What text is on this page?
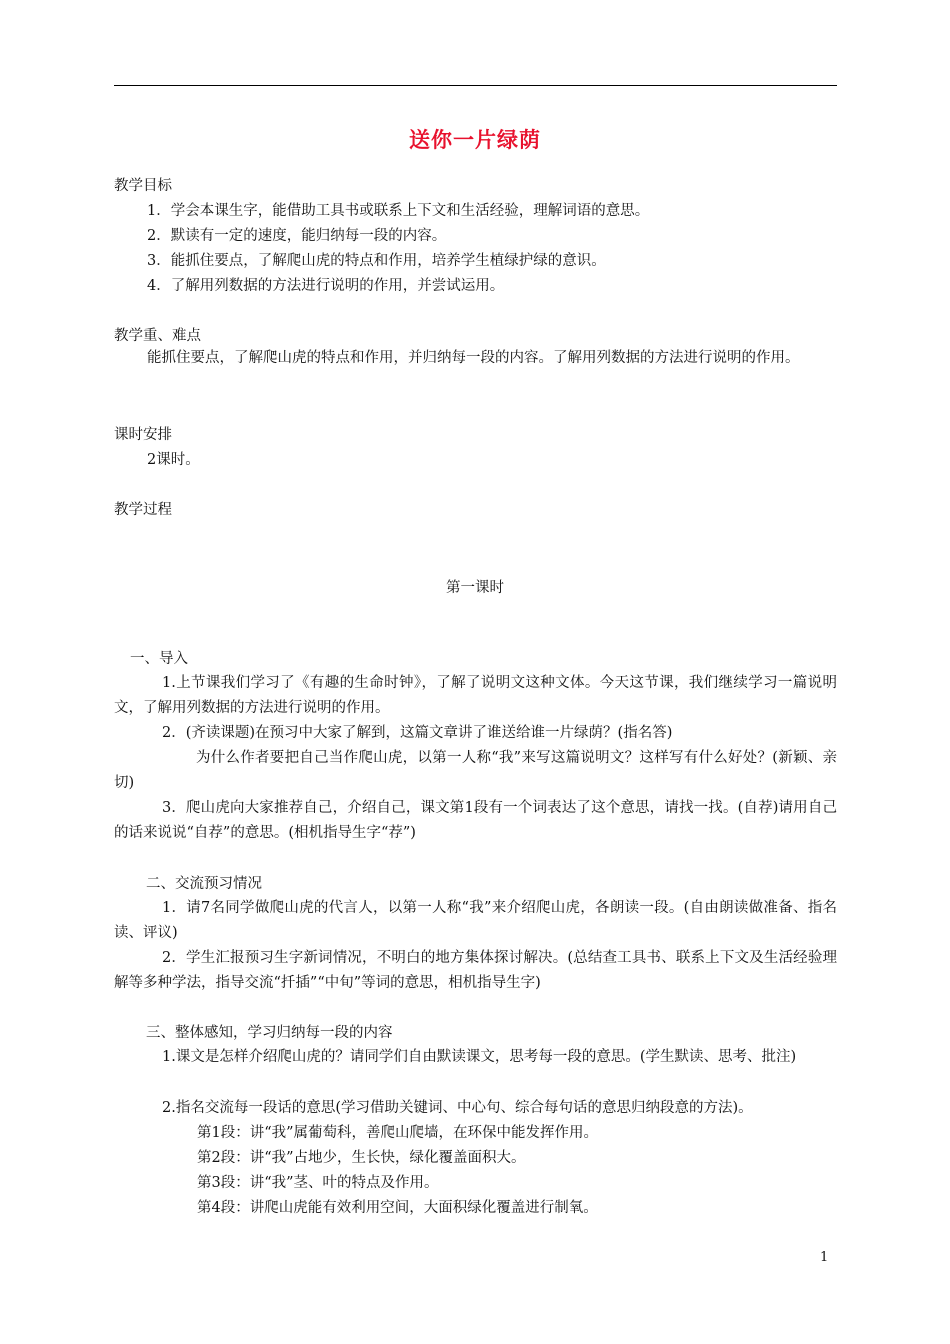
送你一片绿荫
教学目标
1．学会本课生字，能借助工具书或联系上下文和生活经验，理解词语的意思。
2．默读有一定的速度，能归纳每一段的内容。
3．能抓住要点，了解爬山虎的特点和作用，培养学生植绿护绿的意识。
4．了解用列数据的方法进行说明的作用，并尝试运用。
教学重、难点
能抓住要点，了解爬山虎的特点和作用，并归纳每一段的内容。了解用列数据的方法进行说明的作用。
课时安排
2课时。
教学过程
第一课时
一、导入
1.上节课我们学习了《有趣的生命时钟》，了解了说明文这种文体。今天这节课，我们继续学习一篇说明文，了解用列数据的方法进行说明的作用。
2．(齐读课题)在预习中大家了解到，这篇文章讲了谁送给谁一片绿荫？(指名答)
为什么作者要把自己当作爬山虎，以第一人称“我”来写这篇说明文？这样写有什么好处？(新颖、亲切)
3．爬山虎向大家推荐自己，介绍自己，课文第1段有一个词表达了这个意思，请找一找。(自荐)请用自己的话来说说“自荐”的意思。(相机指导生字“荐”)
二、交流预习情况
1．请7名同学做爬山虎的代言人，以第一人称“我”来介绍爬山虎，各朗读一段。(自由朗读做准备、指名读、评议)
2．学生汇报预习生字新词情况，不明白的地方集体探讨解决。(总结查工具书、联系上下文及生活经验理解等多种学法，指导交流“扦插”“中旬”等词的意思，相机指导生字)
三、整体感知，学习归纳每一段的内容
1.课文是怎样介绍爬山虎的？请同学们自由默读课文，思考每一段的意思。(学生默读、思考、批注)
2.指名交流每一段话的意思(学习借助关键词、中心句、综合每句话的意思归纳段意的方法)。
第1段：讲“我”属葡萄科，善爬山爬墙，在环保中能发挥作用。
第2段：讲“我”占地少，生长快，绿化覆盖面积大。
第3段：讲“我”茎、叶的特点及作用。
第4段：讲爬山虎能有效利用空间，大面积绿化覆盖进行制氧。
1
